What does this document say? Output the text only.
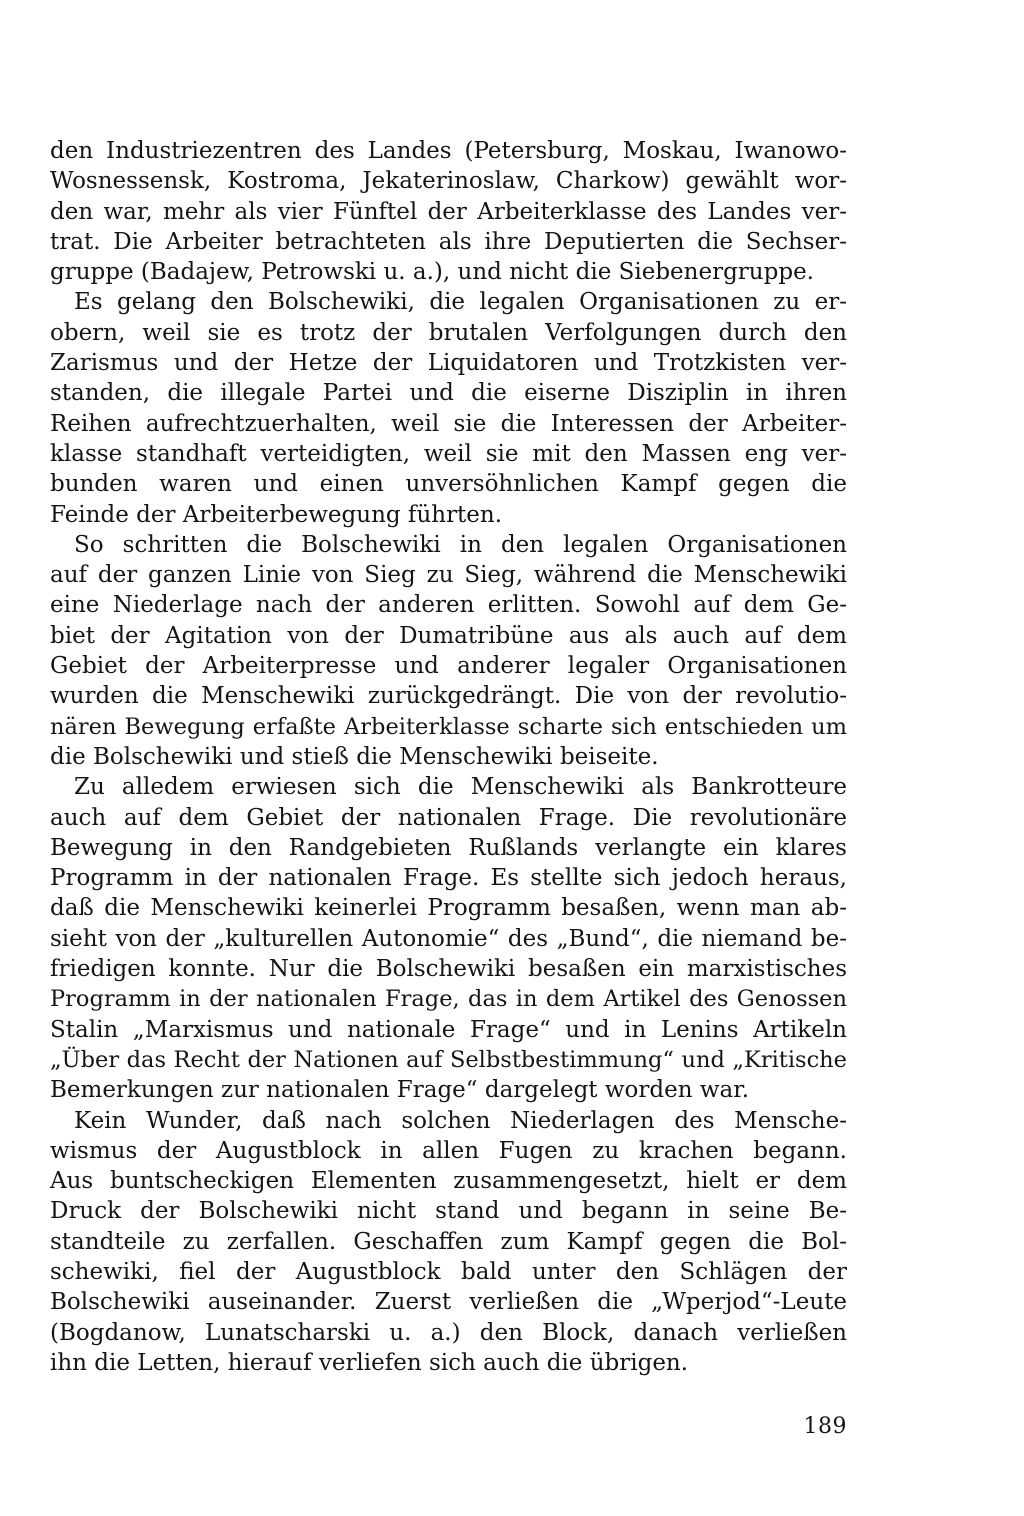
den Industriezentren des Landes (Petersburg, Moskau, Iwanowo-
Wosnessensk, Kostroma, Jekaterinoslaw, Charkow) gewählt wor-
den war, mehr als vier Fünftel der Arbeiterklasse des Landes ver-
trat. Die Arbeiter betrachteten als ihre Deputierten die Sechser-
gruppe (Badajew, Petrowski u. a.), und nicht die Siebenergruppe.
Es gelang den Bolschewiki, die legalen Organisationen zu er-
obern, weil sie es trotz der brutalen Verfolgungen durch den
Zarismus und der Hetze der Liquidatoren und Trotzkisten ver-
standen, die illegale Partei und die eiserne Disziplin in ihren
Reihen aufrechtzuerhalten, weil sie die Interessen der Arbeiter-
klasse standhaft verteidigten, weil sie mit den Massen eng ver-
bunden waren und einen unversöhnlichen Kampf gegen die
Feinde der Arbeiterbewegung führten.
So schritten die Bolschewiki in den legalen Organisationen
auf der ganzen Linie von Sieg zu Sieg, während die Menschewiki
eine Niederlage nach der anderen erlitten. Sowohl auf dem Ge-
biet der Agitation von der Dumatribüne aus als auch auf dem
Gebiet der Arbeiterpresse und anderer legaler Organisationen
wurden die Menschewiki zurückgedrängt. Die von der revolutio-
nären Bewegung erfaßte Arbeiterklasse scharte sich entschieden um
die Bolschewiki und stieß die Menschewiki beiseite.
Zu alledem erwiesen sich die Menschewiki als Bankrotteure
auch auf dem Gebiet der nationalen Frage. Die revolutionäre
Bewegung in den Randgebieten Rußlands verlangte ein klares
Programm in der nationalen Frage. Es stellte sich jedoch heraus,
daß die Menschewiki keinerlei Programm besaßen, wenn man ab-
sieht von der „kulturellen Autonomie“ des „Bund“, die niemand be-
friedigen konnte. Nur die Bolschewiki besaßen ein marxistisches
Programm in der nationalen Frage, das in dem Artikel des Genossen
Stalin „Marxismus und nationale Frage“ und in Lenins Artikeln
„Über das Recht der Nationen auf Selbstbestimmung“ und „Kritische
Bemerkungen zur nationalen Frage“ dargelegt worden war.
Kein Wunder, daß nach solchen Niederlagen des Mensche-
wismus der Augustblock in allen Fugen zu krachen begann.
Aus buntscheckigen Elementen zusammengesetzt, hielt er dem
Druck der Bolschewiki nicht stand und begann in seine Be-
standteile zu zerfallen. Geschaffen zum Kampf gegen die Bol-
schewiki, fiel der Augustblock bald unter den Schlägen der
Bolschewiki auseinander. Zuerst verließen die „Wperjod“-Leute
(Bogdanow, Lunatscharski u. a.) den Block, danach verließen
ihn die Letten, hierauf verliefen sich auch die übrigen.
189
